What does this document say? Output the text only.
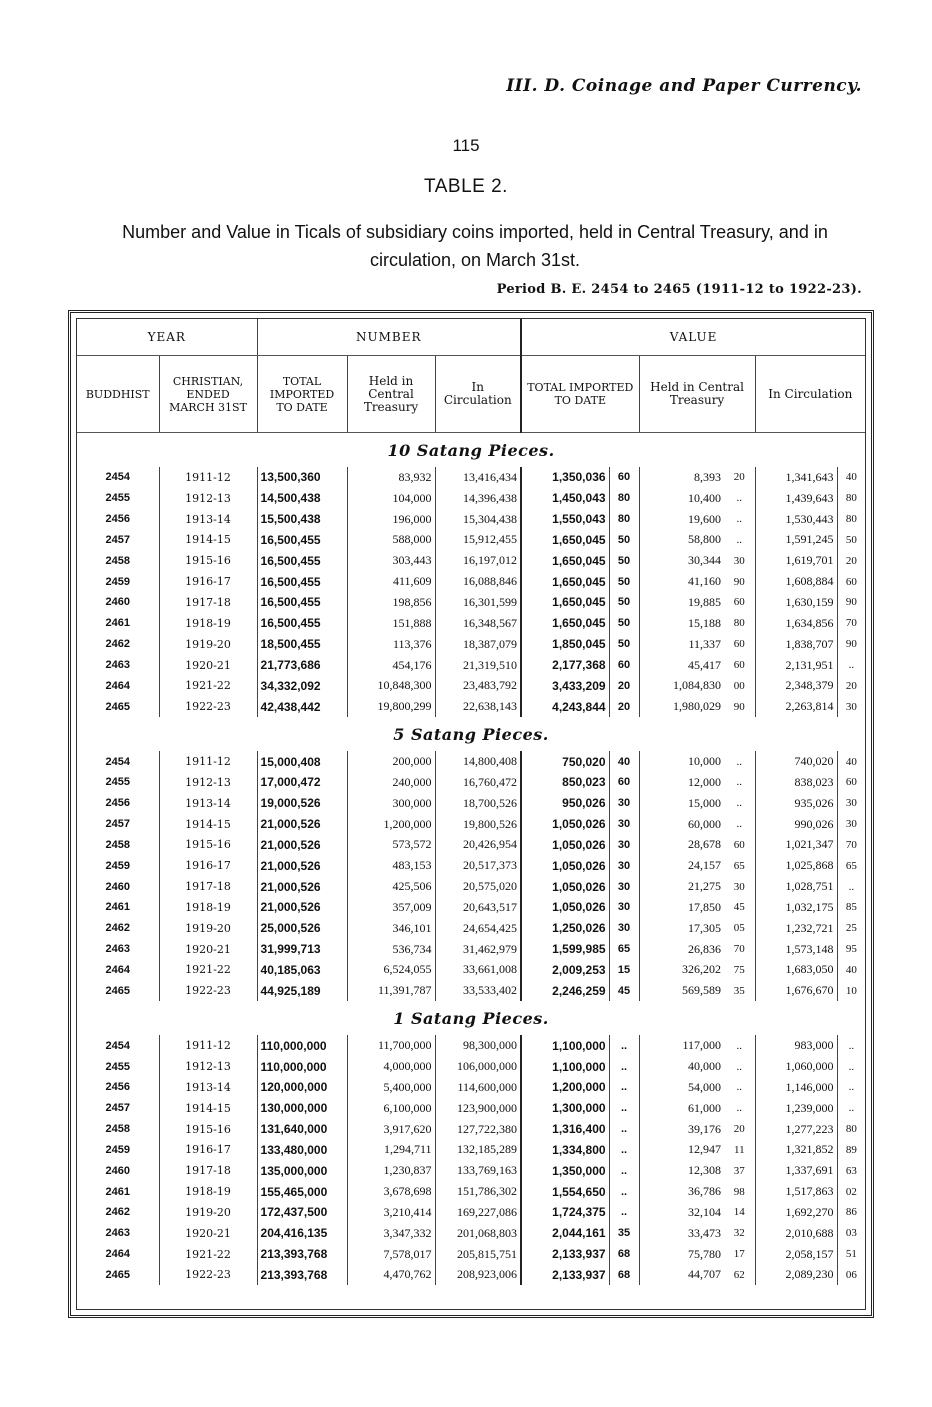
III. D. Coinage and Paper Currency.
115
TABLE 2.
Number and Value in Ticals of subsidiary coins imported, held in Central Treasury, and in circulation, on March 31st.
Period B. E. 2454 to 2465 (1911-12 to 1922-23).
YEAR		NUMBER			VALUE					
BUDDHIST	CHRISTIAN, ENDED MARCH 31ST	TOTAL IMPORTED TO DATE	Held in Central Treasury	In Circulation	TOTAL IMPORTED TO DATE		Held in Central Treasury		In Circulation	
10 Satang Pieces.										
2454	1911-12	13,500,360	83,932	13,416,434	1,350,036	60	8,393	20	1,341,643	40
2455	1912-13	14,500,438	104,000	14,396,438	1,450,043	80	10,400	..	1,439,643	80
2456	1913-14	15,500,438	196,000	15,304,438	1,550,043	80	19,600	..	1,530,443	80
2457	1914-15	16,500,455	588,000	15,912,455	1,650,045	50	58,800	..	1,591,245	50
2458	1915-16	16,500,455	303,443	16,197,012	1,650,045	50	30,344	30	1,619,701	20
2459	1916-17	16,500,455	411,609	16,088,846	1,650,045	50	41,160	90	1,608,884	60
2460	1917-18	16,500,455	198,856	16,301,599	1,650,045	50	19,885	60	1,630,159	90
2461	1918-19	16,500,455	151,888	16,348,567	1,650,045	50	15,188	80	1,634,856	70
2462	1919-20	18,500,455	113,376	18,387,079	1,850,045	50	11,337	60	1,838,707	90
2463	1920-21	21,773,686	454,176	21,319,510	2,177,368	60	45,417	60	2,131,951	..
2464	1921-22	34,332,092	10,848,300	23,483,792	3,433,209	20	1,084,830	00	2,348,379	20
2465	1922-23	42,438,442	19,800,299	22,638,143	4,243,844	20	1,980,029	90	2,263,814	30
5 Satang Pieces.										
2454	1911-12	15,000,408	200,000	14,800,408	750,020	40	10,000	..	740,020	40
2455	1912-13	17,000,472	240,000	16,760,472	850,023	60	12,000	..	838,023	60
2456	1913-14	19,000,526	300,000	18,700,526	950,026	30	15,000	..	935,026	30
2457	1914-15	21,000,526	1,200,000	19,800,526	1,050,026	30	60,000	..	990,026	30
2458	1915-16	21,000,526	573,572	20,426,954	1,050,026	30	28,678	60	1,021,347	70
2459	1916-17	21,000,526	483,153	20,517,373	1,050,026	30	24,157	65	1,025,868	65
2460	1917-18	21,000,526	425,506	20,575,020	1,050,026	30	21,275	30	1,028,751	..
2461	1918-19	21,000,526	357,009	20,643,517	1,050,026	30	17,850	45	1,032,175	85
2462	1919-20	25,000,526	346,101	24,654,425	1,250,026	30	17,305	05	1,232,721	25
2463	1920-21	31,999,713	536,734	31,462,979	1,599,985	65	26,836	70	1,573,148	95
2464	1921-22	40,185,063	6,524,055	33,661,008	2,009,253	15	326,202	75	1,683,050	40
2465	1922-23	44,925,189	11,391,787	33,533,402	2,246,259	45	569,589	35	1,676,670	10
1 Satang Pieces.										
2454	1911-12	110,000,000	11,700,000	98,300,000	1,100,000	..	117,000	..	983,000	..
2455	1912-13	110,000,000	4,000,000	106,000,000	1,100,000	..	40,000	..	1,060,000	..
2456	1913-14	120,000,000	5,400,000	114,600,000	1,200,000	..	54,000	..	1,146,000	..
2457	1914-15	130,000,000	6,100,000	123,900,000	1,300,000	..	61,000	..	1,239,000	..
2458	1915-16	131,640,000	3,917,620	127,722,380	1,316,400	..	39,176	20	1,277,223	80
2459	1916-17	133,480,000	1,294,711	132,185,289	1,334,800	..	12,947	11	1,321,852	89
2460	1917-18	135,000,000	1,230,837	133,769,163	1,350,000	..	12,308	37	1,337,691	63
2461	1918-19	155,465,000	3,678,698	151,786,302	1,554,650	..	36,786	98	1,517,863	02
2462	1919-20	172,437,500	3,210,414	169,227,086	1,724,375	..	32,104	14	1,692,270	86
2463	1920-21	204,416,135	3,347,332	201,068,803	2,044,161	35	33,473	32	2,010,688	03
2464	1921-22	213,393,768	7,578,017	205,815,751	2,133,937	68	75,780	17	2,058,157	51
2465	1922-23	213,393,768	4,470,762	208,923,006	2,133,937	68	44,707	62	2,089,230	06
